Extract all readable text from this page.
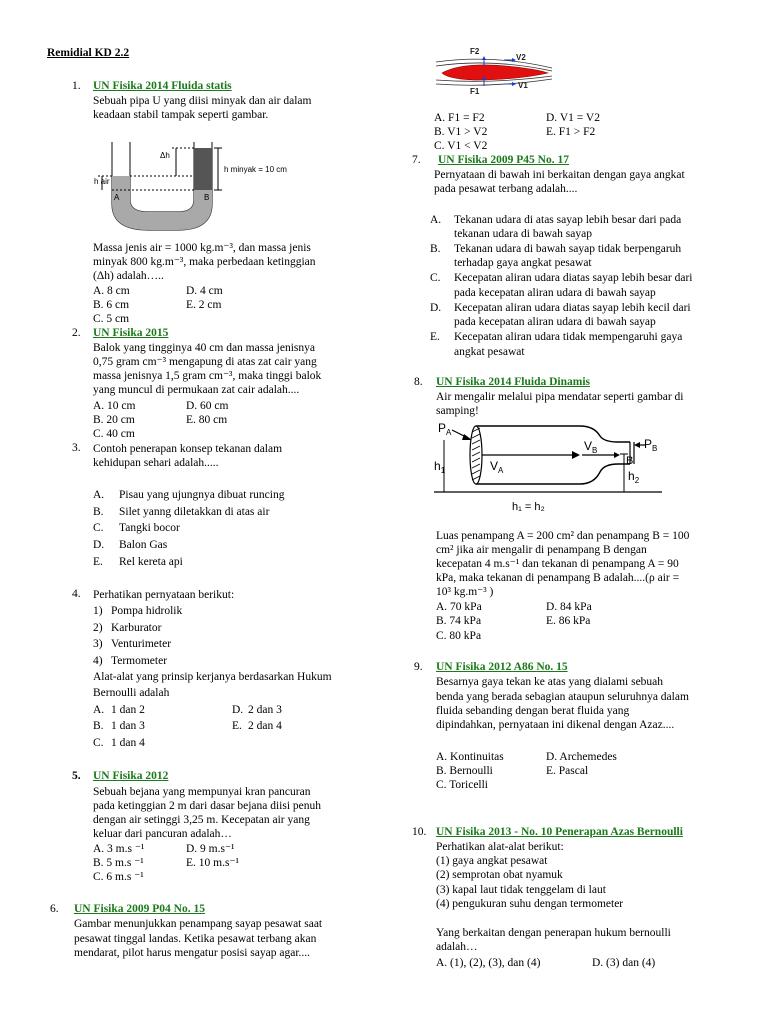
Remidial KD 2.2
1. UN Fisika 2014 Fluida statis
Sebuah pipa U yang diisi minyak dan air dalam
keadaan stabil tampak seperti gambar.
Δh
h minyak = 10 cm
h air
A	B
Massa jenis air = 1000 kg.m⁻³, dan massa jenis
minyak 800 kg.m⁻³, maka perbedaan ketinggian
(Δh) adalah…..
A. 8 cm	D. 4 cm
B. 6 cm	E. 2 cm
C. 5 cm
2. UN Fisika 2015
Balok yang tingginya 40 cm dan massa jenisnya
0,75 gram cm⁻³ mengapung di atas zat cair yang
massa jenisnya 1,5 gram cm⁻³, maka tinggi balok
yang muncul di permukaan zat cair adalah....
A. 10 cm	D. 60 cm
B. 20 cm	E. 80 cm
C. 40 cm
3. Contoh penerapan konsep tekanan dalam
kehidupan sehari adalah.....
A. Pisau yang ujungnya dibuat runcing
B. Silet yanng diletakkan di atas air
C. Tangki bocor
D. Balon Gas
E. Rel kereta api
4. Perhatikan pernyataan berikut:
1) Pompa hidrolik
2) Karburator
3) Venturimeter
4) Termometer
Alat-alat yang prinsip kerjanya berdasarkan Hukum
Bernoulli adalah
A. 1 dan 2	D. 2 dan 3
B. 1 dan 3	E. 2 dan 4
C. 1 dan 4
5. UN Fisika 2012
Sebuah bejana yang mempunyai kran pancuran
pada ketinggian 2 m dari dasar bejana diisi penuh
dengan air setinggi 3,25 m. Kecepatan air yang
keluar dari pancuran adalah…
A. 3 m.s ⁻¹	D. 9 m.s⁻¹
B. 5 m.s ⁻¹	E. 10 m.s⁻¹
C. 6 m.s ⁻¹
6. UN Fisika 2009 P04 No. 15
Gambar menunjukkan penampang sayap pesawat saat
pesawat tinggal landas. Ketika pesawat terbang akan
mendarat, pilot harus mengatur posisi sayap agar....
F2
V2
F1
V1
A. F1 = F2	D. V1 = V2
B. V1 > V2	E. F1 > F2
C. V1 < V2
7. UN Fisika 2009 P45 No. 17
Pernyataan di bawah ini berkaitan dengan gaya angkat
pada pesawat terbang adalah....
A. Tekanan udara di atas sayap lebih besar dari pada
tekanan udara di bawah sayap
B. Tekanan udara di bawah sayap tidak berpengaruh
terhadap gaya angkat pesawat
C. Kecepatan aliran udara diatas sayap lebih besar dari
pada kecepatan aliran udara di bawah sayap
D. Kecepatan aliran udara diatas sayap lebih kecil dari
pada kecepatan aliran udara di bawah sayap
E. Kecepatan aliran udara tidak mempengaruhi gaya
angkat pesawat
8. UN Fisika 2014 Fluida Dinamis
Air mengalir melalui pipa mendatar seperti gambar di
samping!
$P_A$
$V_A$
$V_B$	$P_B$
B
$h_1$	$h_2$
h₁ = h₂
Luas penampang A = 200 cm² dan penampang B = 100
cm² jika air mengalir di penampang B dengan
kecepatan 4 m.s⁻¹ dan tekanan di penampang A = 90
kPa, maka tekanan di penampang B adalah....(ρ air =
10³ kg.m⁻³ )
A. 70 kPa	D. 84 kPa
B. 74 kPa	E. 86 kPa
C. 80 kPa
9. UN Fisika 2012 A86 No. 15
Besarnya gaya tekan ke atas yang dialami sebuah
benda yang berada sebagian ataupun seluruhnya dalam
fluida sebanding dengan berat fluida yang
dipindahkan, pernyataan ini dikenal dengan Azaz....
A. Kontinuitas	D. Archemedes
B. Bernoulli	E. Pascal
C. Toricelli
10. UN Fisika 2013 - No. 10 Penerapan Azas Bernoulli
Perhatikan alat-alat berikut:
(1) gaya angkat pesawat
(2) semprotan obat nyamuk
(3) kapal laut tidak tenggelam di laut
(4) pengukuran suhu dengan termometer
Yang berkaitan dengan penerapan hukum bernoulli
adalah…
A. (1), (2), (3), dan (4)	D. (3) dan (4)
